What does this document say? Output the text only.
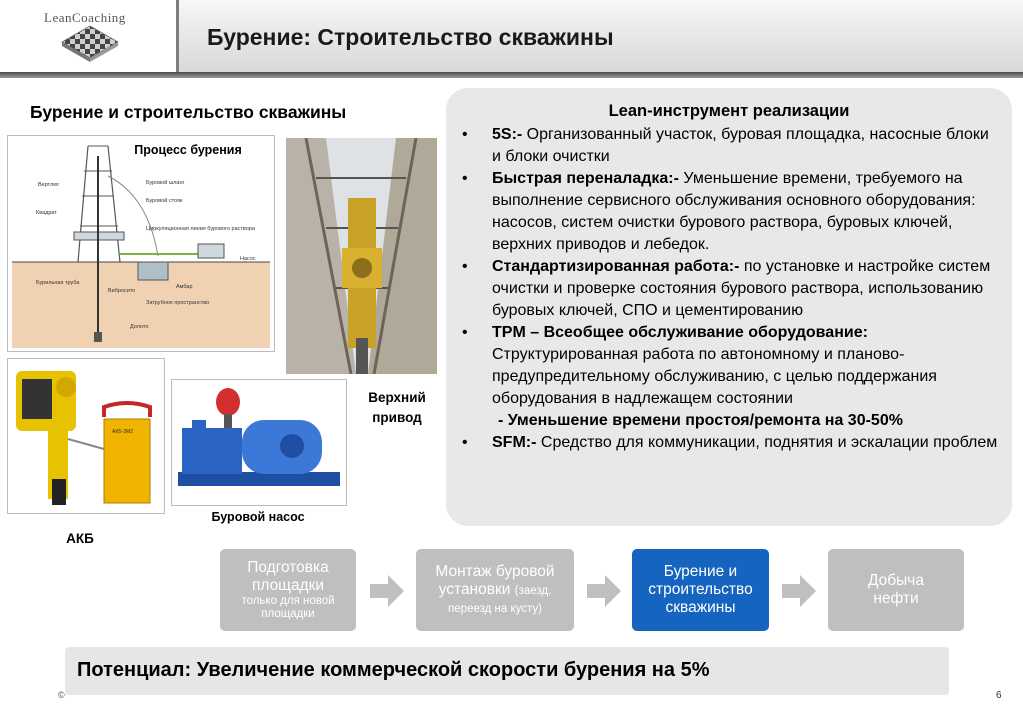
LeanCoaching
Бурение: Строительство скважины
Бурение и строительство скважины
Вертлюг	Буровой шланг
Буровой стояк
Квадрат
Циркуляционная линия бурового раствора
Насос
Бурильная труба
Вибросито
Амбар
Затрубное пространство
Долото
Процесс бурения
Верхний
привод
АКБ-3М2
АКБ
Буровой насос
Lean-инструмент реализации
• 5S:- Организованный участок, буровая площадка, насосные блоки и блоки очистки
• Быстрая переналадка:- Уменьшение времени, требуемого на выполнение сервисного обслуживания основного оборудования: насосов, систем очистки бурового раствора, буровых ключей, верхних приводов и лебедок.
• Стандартизированная работа:- по установке и настройке систем очистки и проверке состояния бурового раствора, использованию буровых ключей, СПО и цементированию
• TPM – Всеобщее обслуживание оборудование: Структурированная работа по автономному и планово-предупредительному обслуживанию, с целью поддержания оборудования в надлежащем состоянии
- Уменьшение времени простоя/ремонта на 30-50%
• SFM:- Средство для коммуникации, поднятия и эскалации проблем
Подготовка площадки
только для новой площадки
Монтаж буровой установки (заезд, переезд на кусту)
Бурение и строительство скважины
Добыча нефти
Потенциал: Увеличение коммерческой скорости бурения на 5%
©	6
